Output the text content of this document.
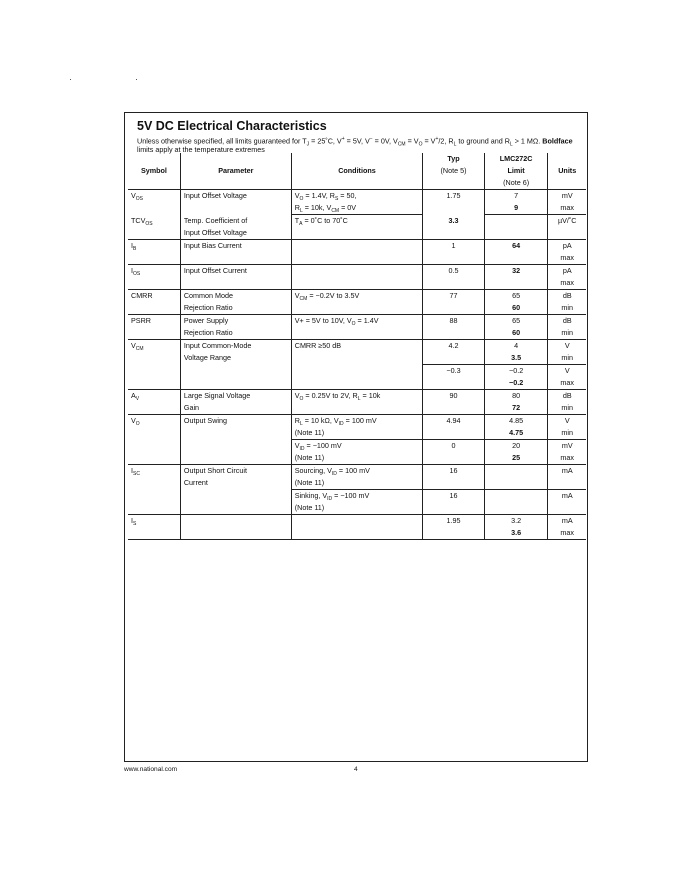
5V DC Electrical Characteristics
Unless otherwise specified, all limits guaranteed for $T_J$ = 25˚C, V+ = 5V, V− = 0V, $V_{CM} = V_O = V^+/2$, $R_L$ to ground and $R_L > 1$ MΩ. Boldface limits apply at the temperature extremes
			Typ	LMC272C	
Symbol	Parameter	Conditions	(Note 5)	Limit	Units
				(Note 6)	
$V_{OS}$	Input Offset Voltage	$V_O = 1.4V$, $R_S = 50$,	1.75	7	mV
		$R_L = 10k$, $V_{CM} = 0V$		9	max
$TCV_{OS}$	Temp. Coefficient of	$T_A$ = 0˚C to 70˚C	3.3		µV/˚C
	Input Offset Voltage				
$I_B$	Input Bias Current		1	64	pA
					max
$I_{OS}$	Input Offset Current		0.5	32	pA
					max
CMRR	Common Mode	$V_{CM} = -0.2V$ to 3.5V	77	65	dB
	Rejection Ratio			60	min
PSRR	Power Supply	V+ = 5V to 10V, $V_O = 1.4V$	88	65	dB
	Rejection Ratio			60	min
$V_{CM}$	Input Common-Mode	CMRR ≥50 dB	4.2	4	V
	Voltage Range			3.5	min
			−0.3	−0.2	V
				−0.2	max
$A_V$	Large Signal Voltage	$V_O = 0.25V$ to 2V, $R_L = 10k$	90	80	dB
	Gain			72	min
$V_O$	Output Swing	$R_L = 10$ kΩ, $V_{ID} = 100$ mV	4.94	4.85	V
		(Note 11)		4.75	min
		$V_{ID} = -100$ mV	0	20	mV
		(Note 11)		25	max
$I_{SC}$	Output Short Circuit	Sourcing, $V_{ID} = 100$ mV	16		mA
	Current	(Note 11)			
		Sinking, $V_{ID} = -100$ mV	16		mA
		(Note 11)			
$I_S$			1.95	3.2	mA
				3.6	max
www.national.com	4
